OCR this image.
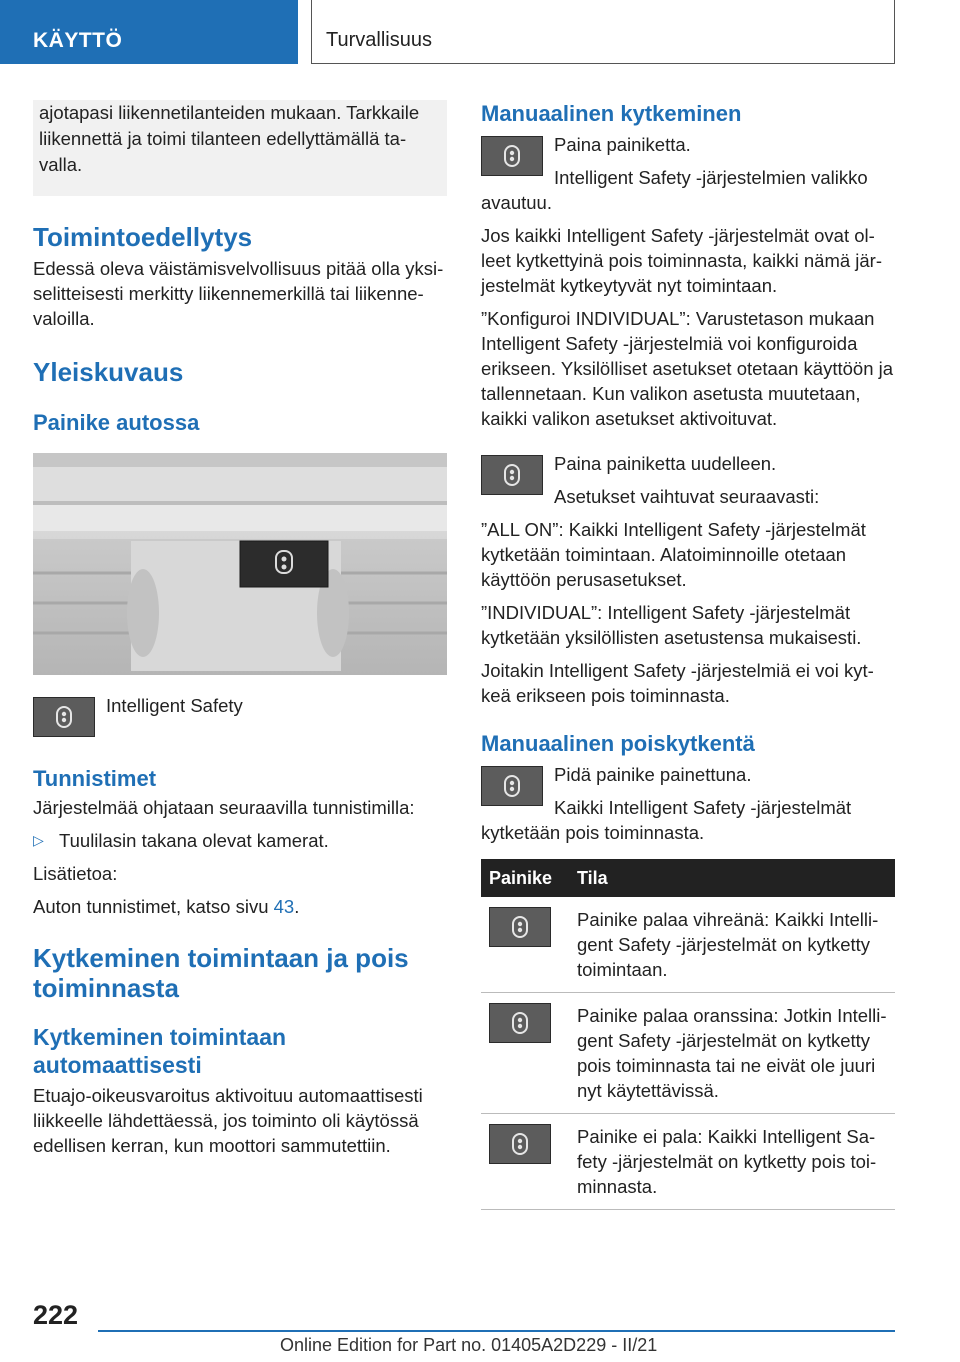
KÄYTTÖ	Turvallisuus
ajotapasi liikennetilanteiden mukaan. Tarkkaile liikennettä ja toimi tilanteen edellyttämällä ta-valla.
Toimintoedellytys

Edessä oleva väistämisvelvollisuus pitää olla yksi-selitteisesti merkitty liikennemerkillä tai liikenne-valoilla.

Yleiskuvaus
Painike autossa

Intelligent Safety

Tunnistimet

Järjestelmää ohjataan seuraavilla tunnistimilla:

▷ Tuulilasin takana olevat kamerat.

Lisätietoa:

Auton tunnistimet, katso sivu 43.

Kytkeminen toimintaan ja pois toiminnasta
Kytkeminen toimintaan automaattisesti

Etuajo-oikeusvaroitus aktivoituu automaattisesti liikkeelle lähdettäessä, jos toiminto oli käytössä edellisen kerran, kun moottori sammutettiin.

Manuaalinen kytkeminen

Paina painiketta.

Intelligent Safety -järjestelmien valikko avautuu.

Jos kaikki Intelligent Safety -järjestelmät ovat ol-leet kytkettyinä pois toiminnasta, kaikki nämä jär-jestelmät kytkeytyvät nyt toimintaan.

”Konfiguroi INDIVIDUAL”: Varustetason mukaan Intelligent Safety -järjestelmiä voi konfiguroida erikseen. Yksilölliset asetukset otetaan käyttöön ja tallennetaan. Kun valikon asetusta muutetaan, kaikki valikon asetukset aktivoituvat.

Paina painiketta uudelleen.

Asetukset vaihtuvat seuraavasti:

”ALL ON”: Kaikki Intelligent Safety -järjestelmät kytketään toimintaan. Alatoiminnoille otetaan käyttöön perusasetukset.

”INDIVIDUAL”: Intelligent Safety -järjestelmät kytketään yksilöllisten asetustensa mukaisesti.

Joitakin Intelligent Safety -järjestelmiä ei voi kyt-keä erikseen pois toiminnasta.

Manuaalinen poiskytkentä

Pidä painike painettuna.

Kaikki Intelligent Safety -järjestelmät kytketään pois toiminnasta.

Painike	Tila

	Painike palaa vihreänä: Kaikki Intelli-gent Safety -järjestelmät on kytketty toimintaan.

	Painike palaa oranssina: Jotkin Intelli-gent Safety -järjestelmät on kytketty pois toiminnasta tai ne eivät ole juuri nyt käytettävissä.

	Painike ei pala: Kaikki Intelligent Sa-fety -järjestelmät on kytketty pois toi-minnasta.
222
Online Edition for Part no. 01405A2D229 - II/21
